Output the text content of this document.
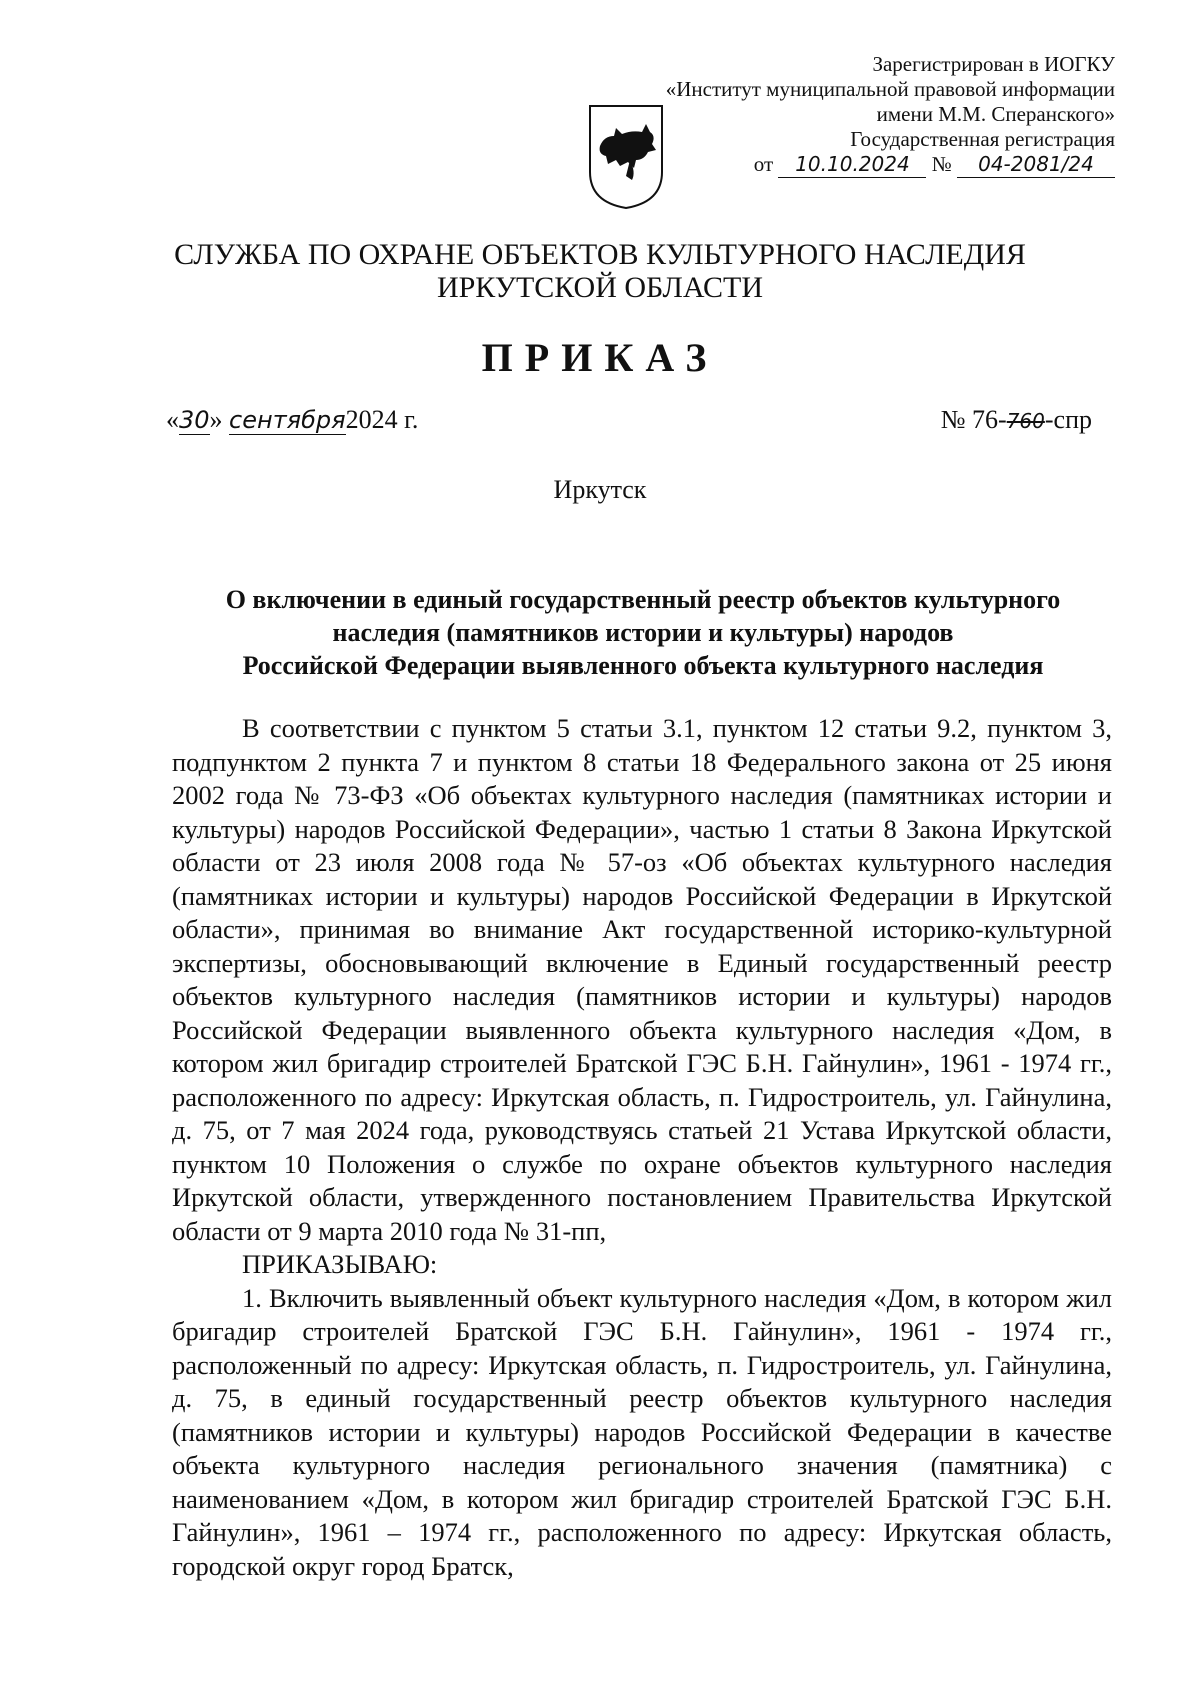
Зарегистрирован в ИОГКУ
«Институт муниципальной правовой информации
имени М.М. Сперанского»
Государственная регистрация
от 10.10.2024 № 04-2081/24
СЛУЖБА ПО ОХРАНЕ ОБЪЕКТОВ КУЛЬТУРНОГО НАСЛЕДИЯ
ИРКУТСКОЙ ОБЛАСТИ
ПРИКАЗ
«30» сентября2024 г.	№ 76-760-спр
Иркутск
О включении в единый государственный реестр объектов культурного
наследия (памятников истории и культуры) народов
Российской Федерации выявленного объекта культурного наследия

В соответствии с пунктом 5 статьи 3.1, пунктом 12 статьи 9.2, пунктом 3, подпунктом 2 пункта 7 и пунктом 8 статьи 18 Федерального закона от 25 июня 2002 года № 73-ФЗ «Об объектах культурного наследия (памятниках истории и культуры) народов Российской Федерации», частью 1 статьи 8 Закона Иркутской области от 23 июля 2008 года № 57-оз «Об объектах культурного наследия (памятниках истории и культуры) народов Российской Федерации в Иркутской области», принимая во внимание Акт государственной историко-культурной экспертизы, обосновывающий включение в Единый государственный реестр объектов культурного наследия (памятников истории и культуры) народов Российской Федерации выявленного объекта культурного наследия «Дом, в котором жил бригадир строителей Братской ГЭС Б.Н. Гайнулин», 1961 - 1974 гг., расположенного по адресу: Иркутская область, п. Гидростроитель, ул. Гайнулина, д. 75, от 7 мая 2024 года, руководствуясь статьей 21 Устава Иркутской области, пунктом 10 Положения о службе по охране объектов культурного наследия Иркутской области, утвержденного постановлением Правительства Иркутской области от 9 марта 2010 года № 31-пп,

ПРИКАЗЫВАЮ:

1. Включить выявленный объект культурного наследия «Дом, в котором жил бригадир строителей Братской ГЭС Б.Н. Гайнулин», 1961 - 1974 гг., расположенный по адресу: Иркутская область, п. Гидростроитель, ул. Гайнулина, д. 75, в единый государственный реестр объектов культурного наследия (памятников истории и культуры) народов Российской Федерации в качестве объекта культурного наследия регионального значения (памятника) с наименованием «Дом, в котором жил бригадир строителей Братской ГЭС Б.Н. Гайнулин», 1961 – 1974 гг., расположенного по адресу: Иркутская область, городской округ город Братск,
